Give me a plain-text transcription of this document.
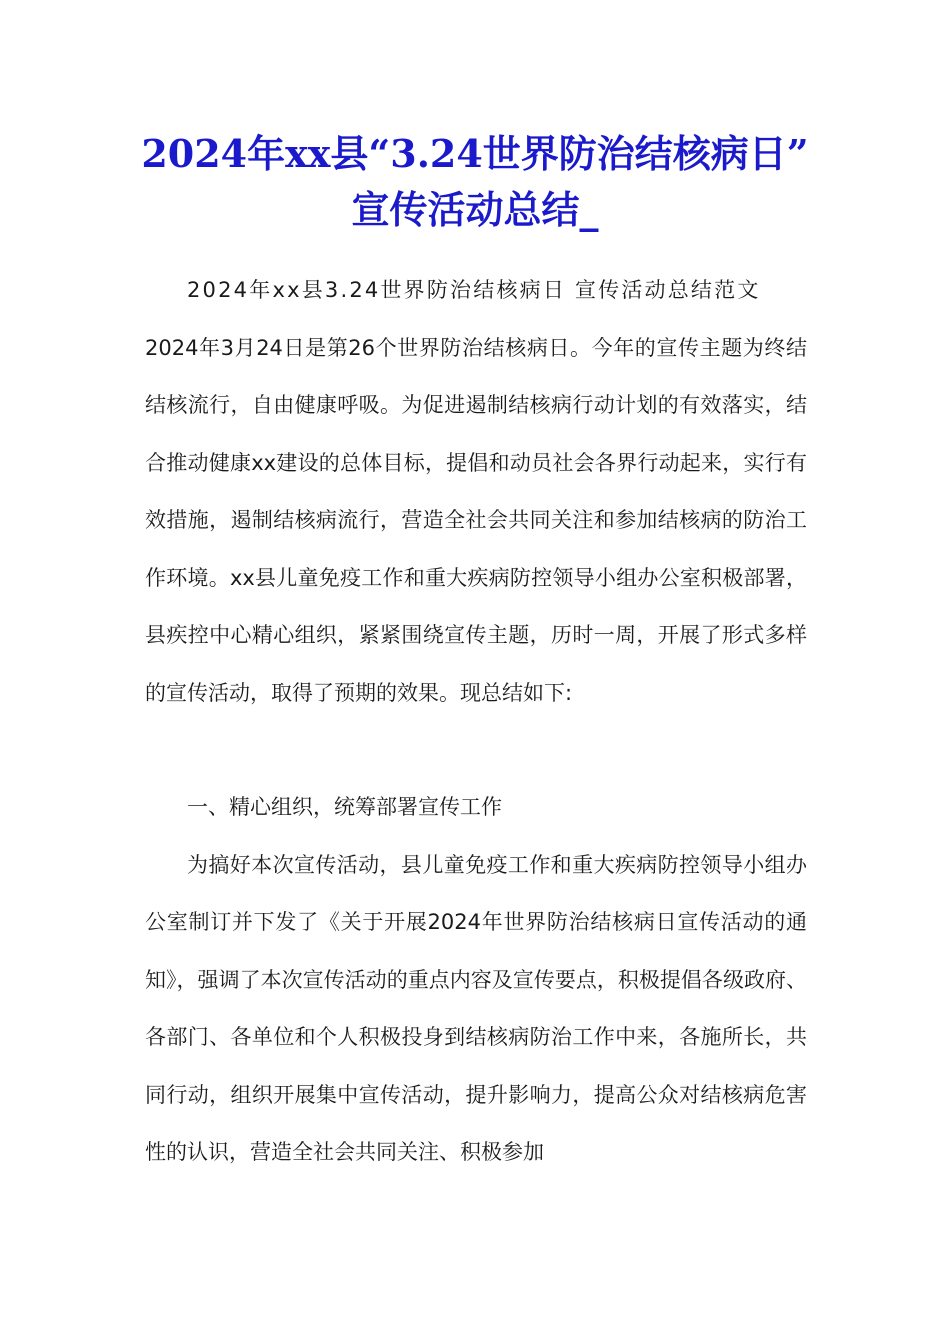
2024年xx县“3.24世界防治结核病日” 宣传活动总结_

2024年xx县3.24世界防治结核病日 宣传活动总结范文

2024年3月24日是第26个世界防治结核病日。今年的宣传主题为终结结核流行，自由健康呼吸。为促进遏制结核病行动计划的有效落实，结合推动健康xx建设的总体目标，提倡和动员社会各界行动起来，实行有效措施，遏制结核病流行，营造全社会共同关注和参加结核病的防治工作环境。xx县儿童免疫工作和重大疾病防控领导小组办公室积极部署，县疾控中心精心组织，紧紧围绕宣传主题，历时一周，开展了形式多样的宣传活动，取得了预期的效果。现总结如下:

一、精心组织，统筹部署宣传工作

为搞好本次宣传活动，县儿童免疫工作和重大疾病防控领导小组办公室制订并下发了《关于开展2024年世界防治结核病日宣传活动的通知》，强调了本次宣传活动的重点内容及宣传要点，积极提倡各级政府、各部门、各单位和个人积极投身到结核病防治工作中来，各施所长，共同行动，组织开展集中宣传活动，提升影响力，提高公众对结核病危害性的认识，营造全社会共同关注、积极参加
